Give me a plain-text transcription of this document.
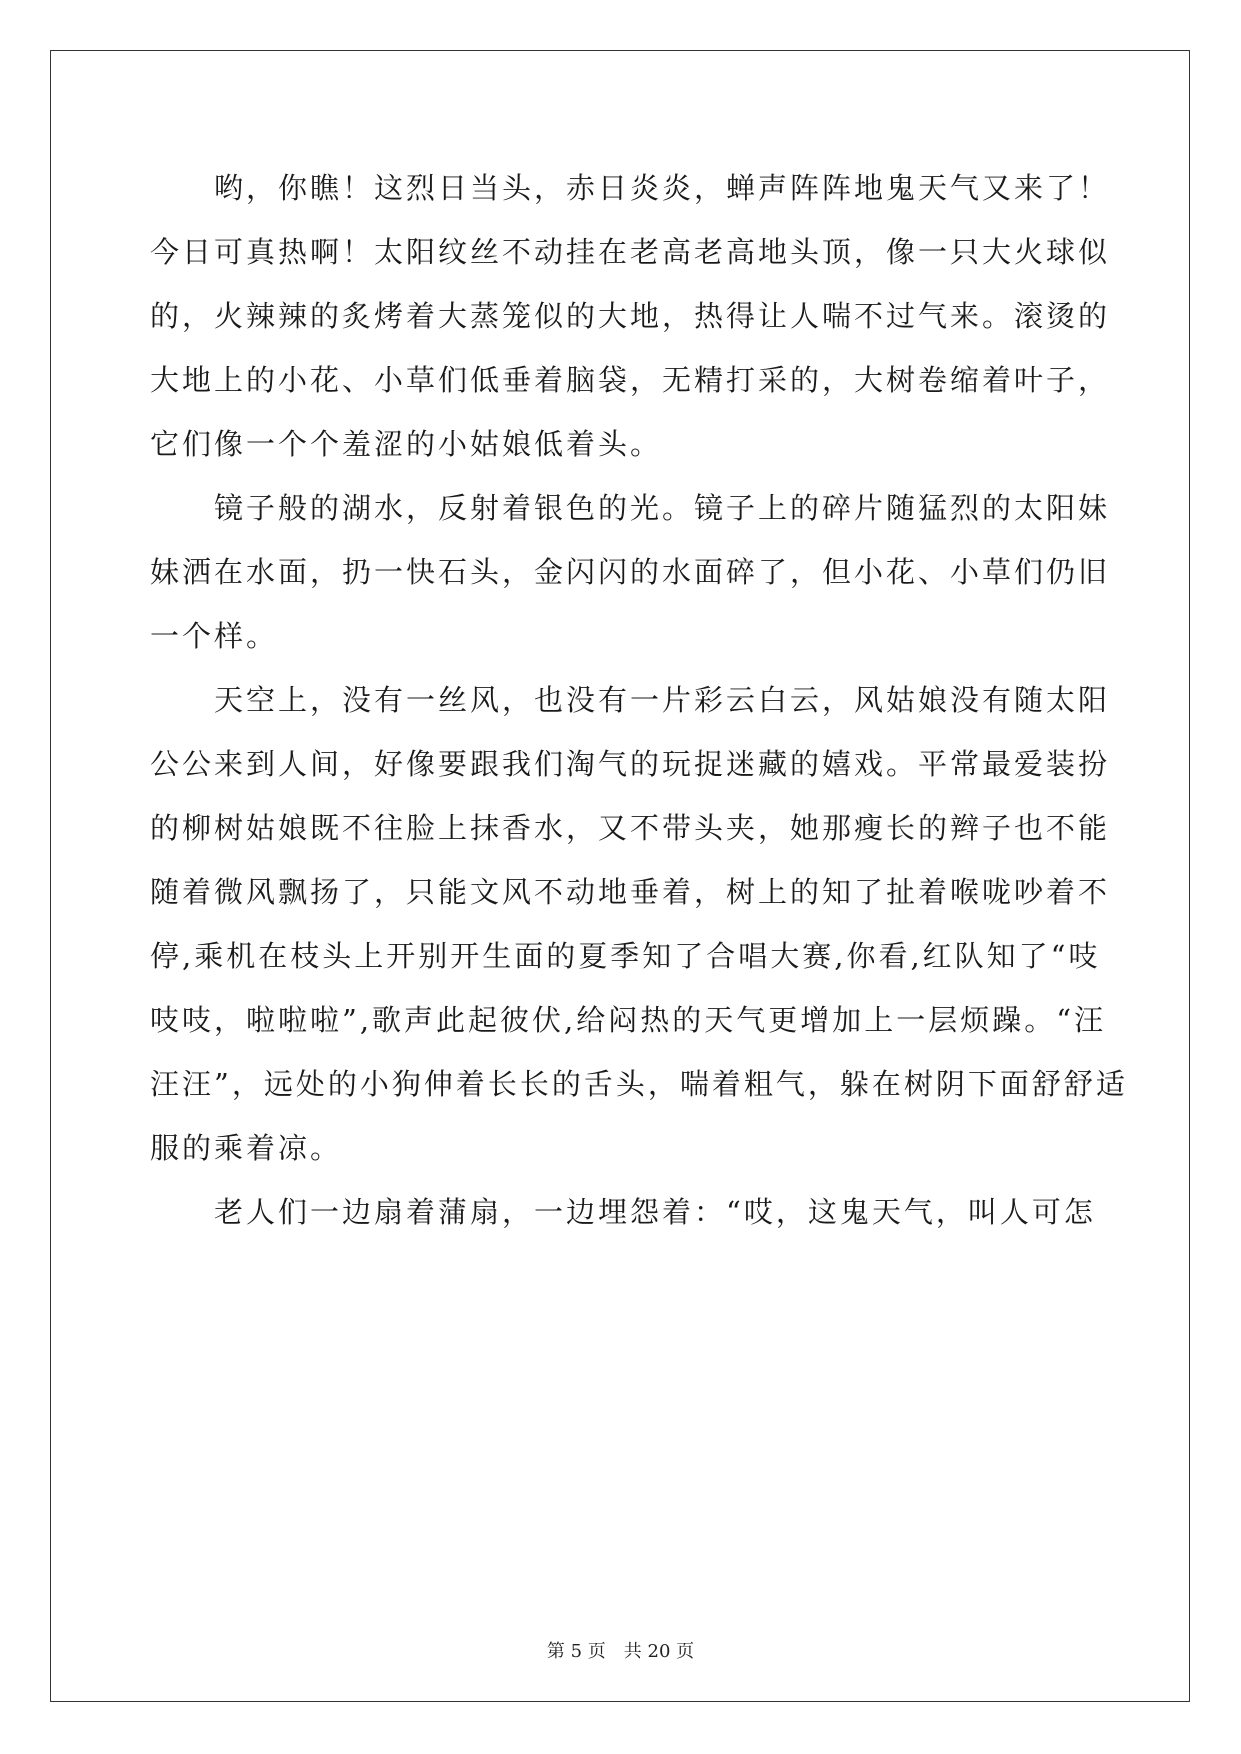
哟，你瞧！这烈日当头，赤日炎炎，蝉声阵阵地鬼天气又来了！
今日可真热啊！太阳纹丝不动挂在老高老高地头顶，像一只大火球似
的，火辣辣的炙烤着大蒸笼似的大地，热得让人喘不过气来。滚烫的
大地上的小花、小草们低垂着脑袋，无精打采的，大树卷缩着叶子，
它们像一个个羞涩的小姑娘低着头。

镜子般的湖水，反射着银色的光。镜子上的碎片随猛烈的太阳妹
妹洒在水面，扔一快石头，金闪闪的水面碎了，但小花、小草们仍旧
一个样。

天空上，没有一丝风，也没有一片彩云白云，风姑娘没有随太阳
公公来到人间，好像要跟我们淘气的玩捉迷藏的嬉戏。平常最爱装扮
的柳树姑娘既不往脸上抹香水，又不带头夹，她那瘦长的辫子也不能
随着微风飘扬了，只能文风不动地垂着，树上的知了扯着喉咙吵着不
停,乘机在枝头上开别开生面的夏季知了合唱大赛,你看,红队知了“吱
吱吱，啦啦啦”,歌声此起彼伏,给闷热的天气更增加上一层烦躁。“汪
汪汪”，远处的小狗伸着长长的舌头，喘着粗气，躲在树阴下面舒舒适
服的乘着凉。

老人们一边扇着蒲扇，一边埋怨着：“哎，这鬼天气，叫人可怎

第 5 页 共 20 页
